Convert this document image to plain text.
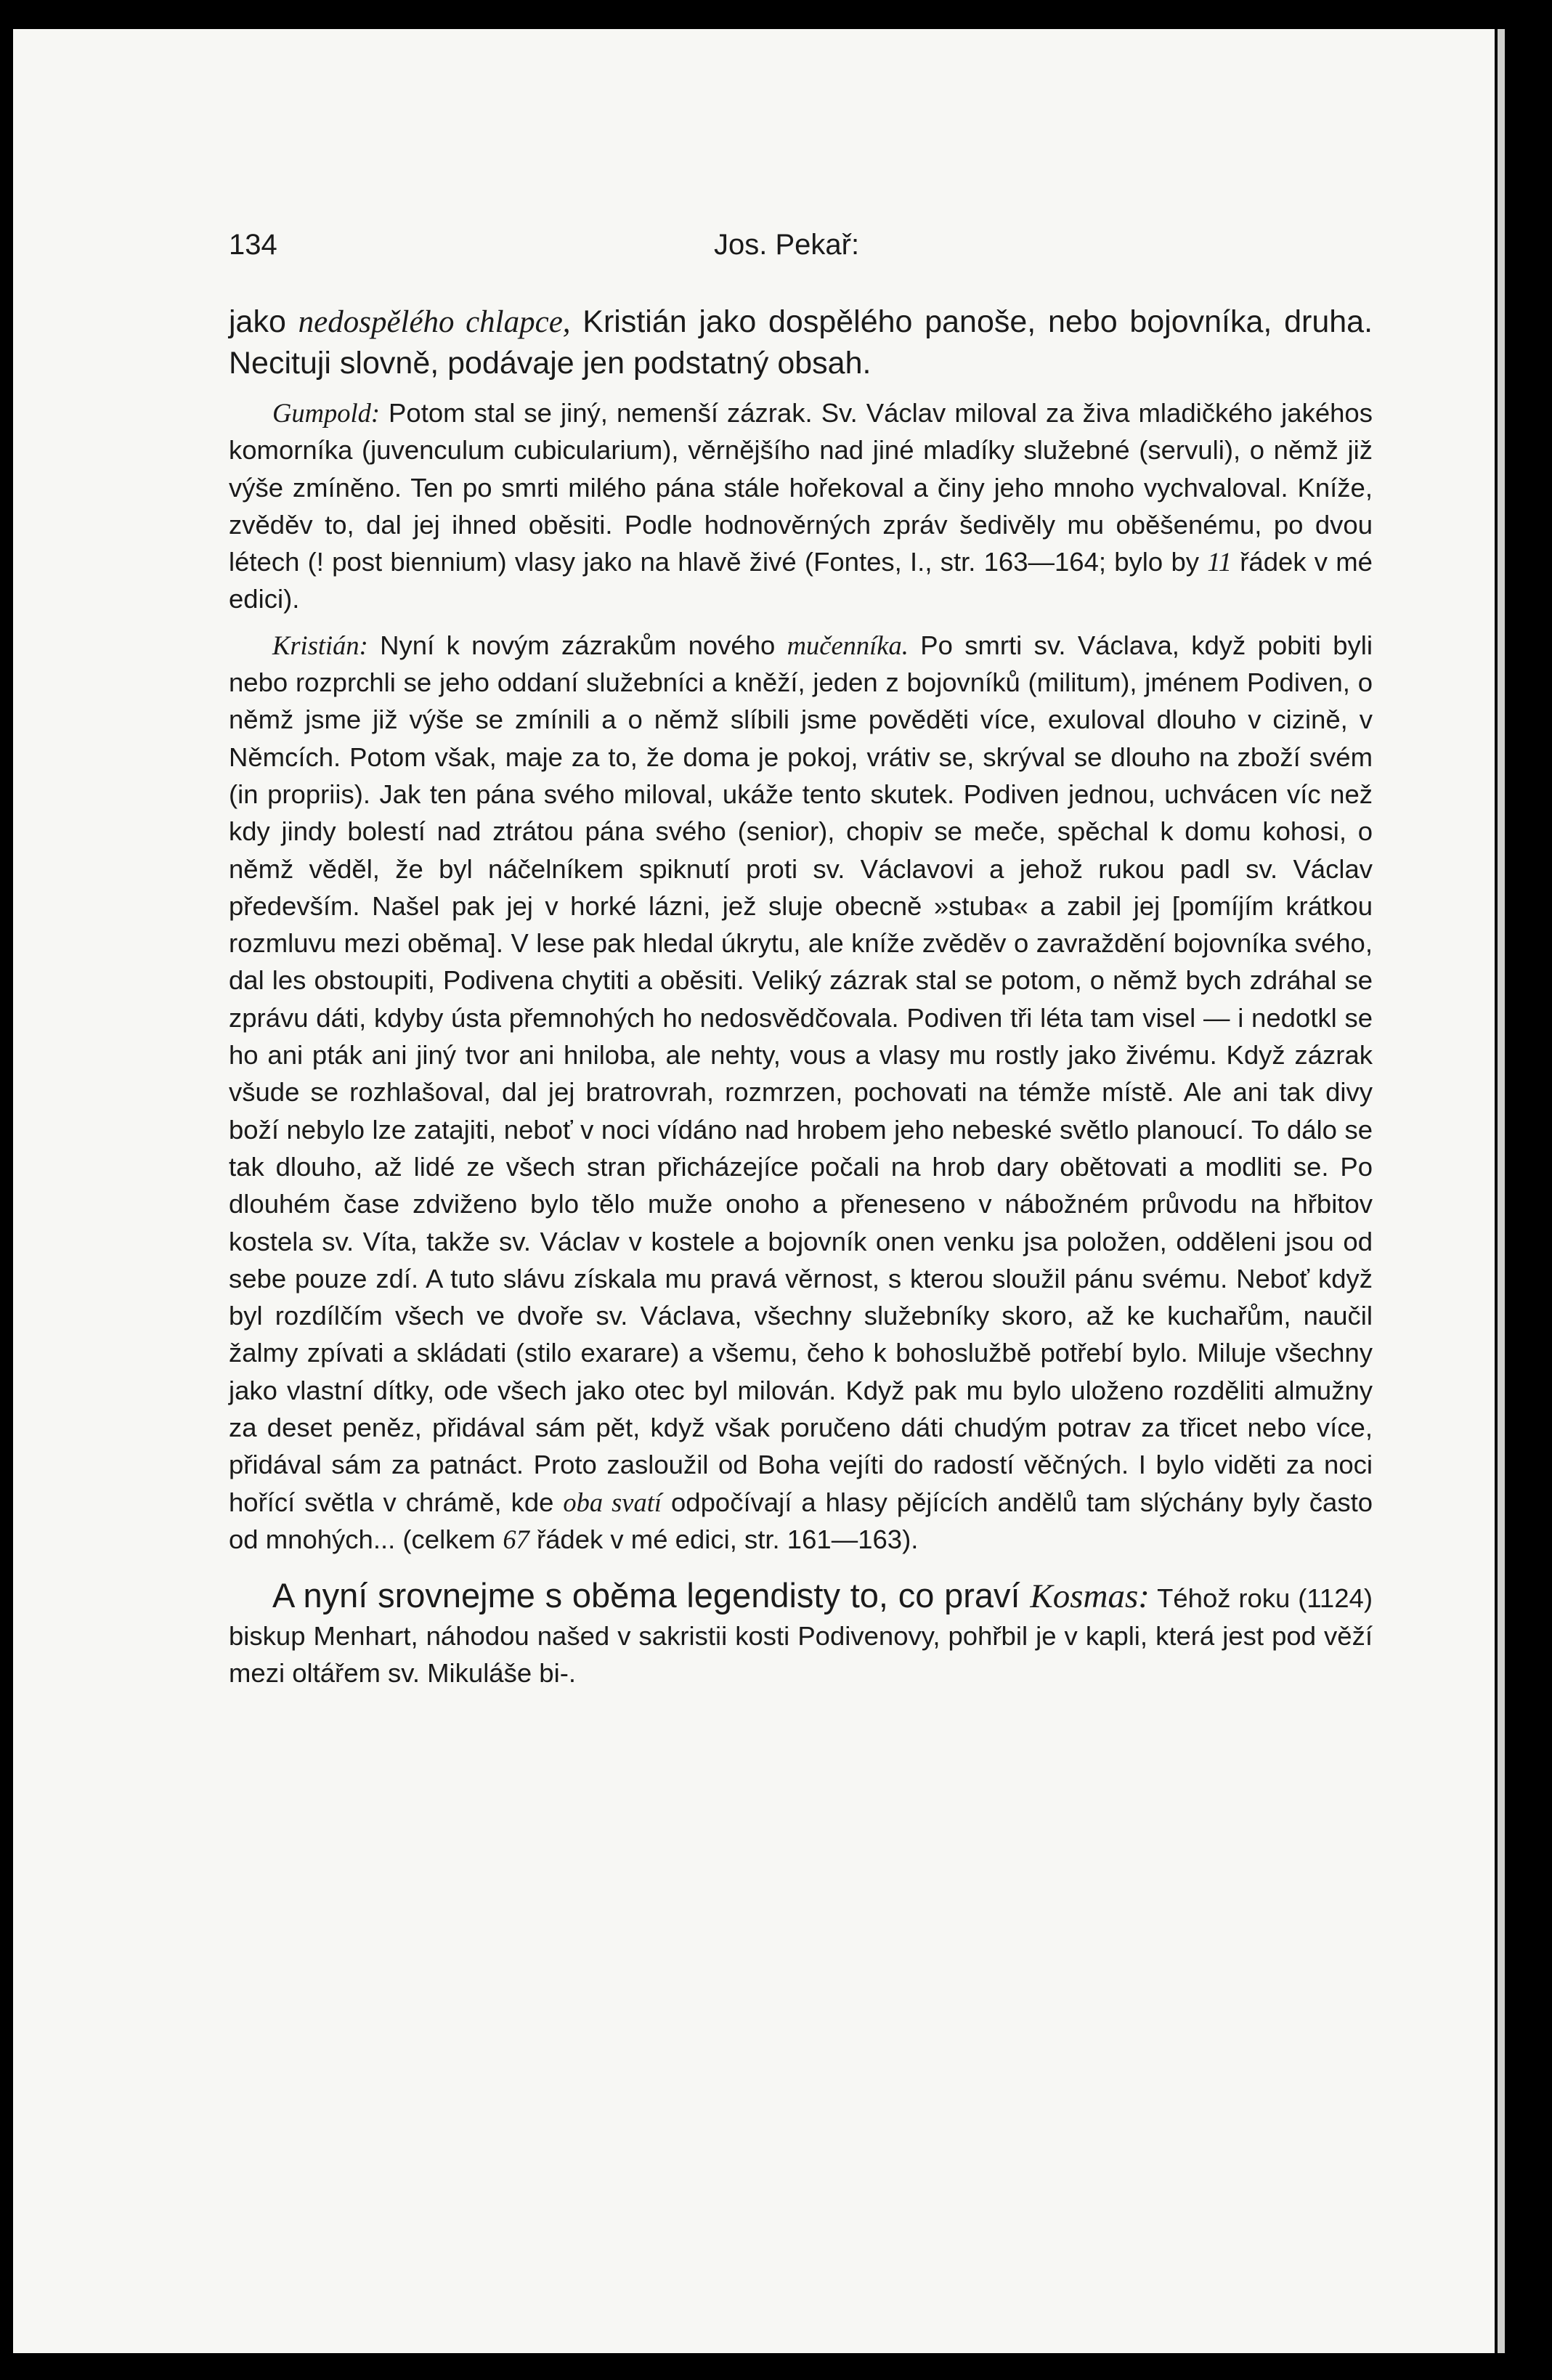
134	Jos. Pekař:

jako nedospělého chlapce, Kristián jako dospělého panoše, nebo bojovníka, druha. Necituji slovně, podávaje jen podstatný obsah.

Gumpold: Potom stal se jiný, nemenší zázrak. Sv. Václav miloval za živa mladičkého jakéhos komorníka (juvenculum cubicularium), věrnějšího nad jiné mladíky služebné (servuli), o němž již výše zmíněno. Ten po smrti milého pána stále hořekoval a činy jeho mnoho vychvaloval. Kníže, zvěděv to, dal jej ihned oběsiti. Podle hodnověrných zpráv šedivěly mu oběšenému, po dvou létech (! post biennium) vlasy jako na hlavě živé (Fontes, I., str. 163—164; bylo by 11 řádek v mé edici).

Kristián: Nyní k novým zázrakům nového mučenníka. Po smrti sv. Václava, když pobiti byli nebo rozprchli se jeho oddaní služebníci a kněží, jeden z bojovníků (militum), jménem Podiven, o němž jsme již výše se zmínili a o němž slíbili jsme pověděti více, exuloval dlouho v cizině, v Němcích. Potom však, maje za to, že doma je pokoj, vrátiv se, skrýval se dlouho na zboží svém (in propriis). Jak ten pána svého miloval, ukáže tento skutek. Podiven jednou, uchvácen víc než kdy jindy bolestí nad ztrátou pána svého (senior), chopiv se meče, spěchal k domu kohosi, o němž věděl, že byl náčelníkem spiknutí proti sv. Václavovi a jehož rukou padl sv. Václav především. Našel pak jej v horké lázni, jež sluje obecně »stuba« a zabil jej [pomíjím krátkou rozmluvu mezi oběma]. V lese pak hledal úkrytu, ale kníže zvěděv o zavraždění bojovníka svého, dal les obstoupiti, Podivena chytiti a oběsiti. Veliký zázrak stal se potom, o němž bych zdráhal se zprávu dáti, kdyby ústa přemnohých ho nedosvědčovala. Podiven tři léta tam visel — i nedotkl se ho ani pták ani jiný tvor ani hniloba, ale nehty, vous a vlasy mu rostly jako živému. Když zázrak všude se rozhlašoval, dal jej bratrovrah, rozmrzen, pochovati na témže místě. Ale ani tak divy boží nebylo lze zatajiti, neboť v noci vídáno nad hrobem jeho nebeské světlo planoucí. To dálo se tak dlouho, až lidé ze všech stran přicházejíce počali na hrob dary obětovati a modliti se. Po dlouhém čase zdviženo bylo tělo muže onoho a přeneseno v nábožném průvodu na hřbitov kostela sv. Víta, takže sv. Václav v kostele a bojovník onen venku jsa položen, odděleni jsou od sebe pouze zdí. A tuto slávu získala mu pravá věrnost, s kterou sloužil pánu svému. Neboť když byl rozdílčím všech ve dvoře sv. Václava, všechny služebníky skoro, až ke kuchařům, naučil žalmy zpívati a skládati (stilo exarare) a všemu, čeho k bohoslužbě potřebí bylo. Miluje všechny jako vlastní dítky, ode všech jako otec byl milován. Když pak mu bylo uloženo rozděliti almužny za deset peněz, přidával sám pět, když však poručeno dáti chudým potrav za třicet nebo více, přidával sám za patnáct. Proto zasloužil od Boha vejíti do radostí věčných. I bylo viděti za noci hořící světla v chrámě, kde oba svatí odpočívají a hlasy pějících andělů tam slýchány byly často od mnohých... (celkem 67 řádek v mé edici, str. 161—163).

A nyní srovnejme s oběma legendisty to, co praví Kosmas: Téhož roku (1124) biskup Menhart, náhodou našed v sakristii kosti Podivenovy, pohřbil je v kapli, která jest pod věží mezi oltářem sv. Mikuláše bi-.
